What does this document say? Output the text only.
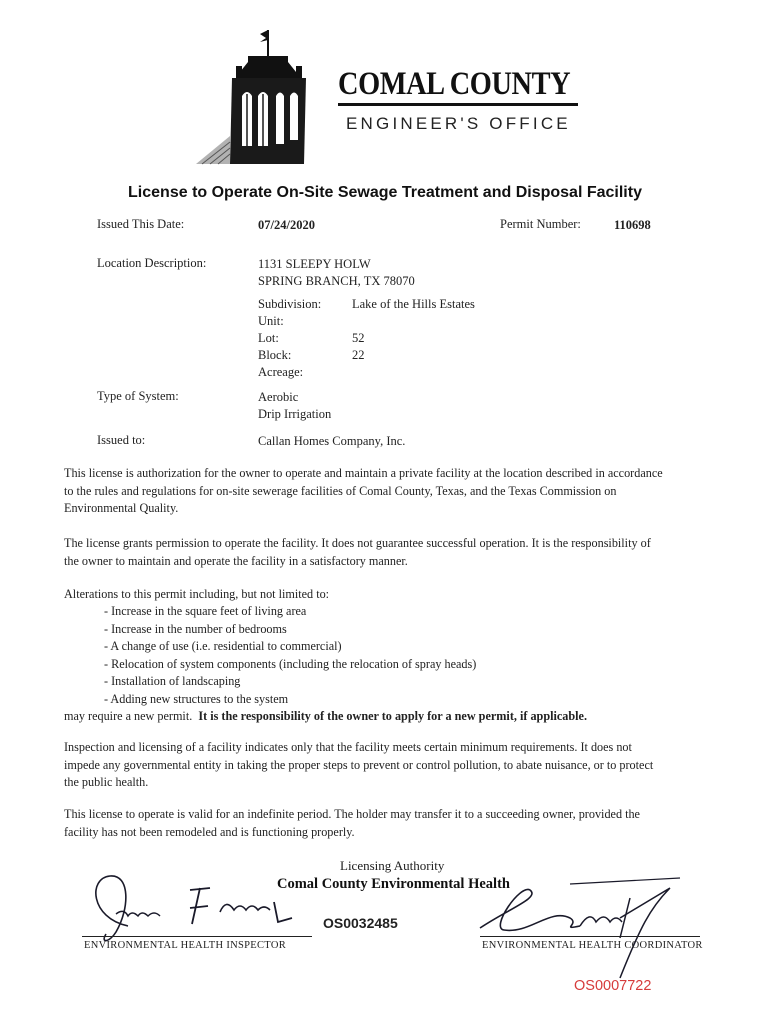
COMAL COUNTY
ENGINEER'S OFFICE
License to Operate On-Site Sewage Treatment and Disposal Facility
Issued This Date:	07/24/2020	Permit Number:	110698
Location Description:	1131 SLEEPY HOLW
SPRING BRANCH, TX 78070
Subdivision: Lake of the Hills Estates
Unit:
Lot:	52
Block:	22
Acreage:
Type of System:	Aerobic
Drip Irrigation
Issued to:	Callan Homes Company, Inc.
This license is authorization for the owner to operate and maintain a private facility at the location described in accordance to the rules and regulations for on-site sewerage facilities of Comal County, Texas, and the Texas Commission on Environmental Quality.
The license grants permission to operate the facility. It does not guarantee successful operation. It is the responsibility of the owner to maintain and operate the facility in a satisfactory manner.
Alterations to this permit including, but not limited to:
- Increase in the square feet of living area
- Increase in the number of bedrooms
- A change of use (i.e. residential to commercial)
- Relocation of system components (including the relocation of spray heads)
- Installation of landscaping
- Adding new structures to the system
may require a new permit. It is the responsibility of the owner to apply for a new permit, if applicable.
Inspection and licensing of a facility indicates only that the facility meets certain minimum requirements. It does not impede any governmental entity in taking the proper steps to prevent or control pollution, to abate nuisance, or to protect the public health.
This license to operate is valid for an indefinite period. The holder may transfer it to a succeeding owner, provided the facility has not been remodeled and is functioning properly.
Licensing Authority
Comal County Environmental Health
OS0032485
ENVIRONMENTAL HEALTH INSPECTOR	ENVIRONMENTAL HEALTH COORDINATOR
OS0007722
